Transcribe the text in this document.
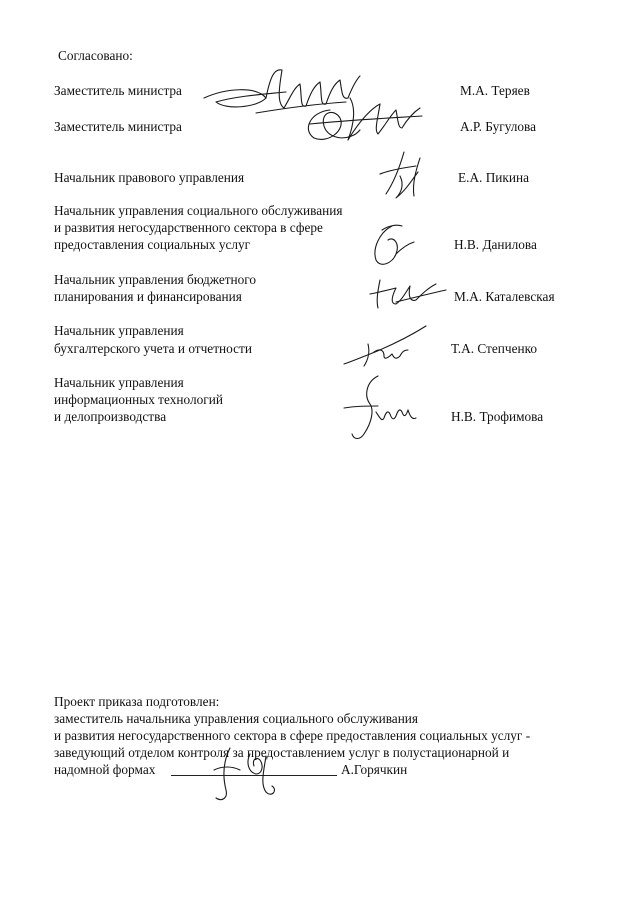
Согласовано:
Заместитель министра	М.А. Теряев
Заместитель министра	А.Р. Бугулова
Начальник правового управления	Е.А. Пикина
Начальник управления социального обслуживания
и развития негосударственного сектора в сфере
предоставления социальных услуг	Н.В. Данилова
Начальник управления бюджетного
планирования и финансирования	М.А. Каталевская
Начальник управления
бухгалтерского учета и отчетности	Т.А. Степченко
Начальник управления
информационных технологий
и делопроизводства	Н.В. Трофимова
Проект приказа подготовлен:
заместитель начальника управления социального обслуживания
и развития негосударственного сектора в сфере предоставления социальных услуг -
заведующий отделом контроля за предоставлением услуг в полустационарной и
надомной формах	А.Горячкин
